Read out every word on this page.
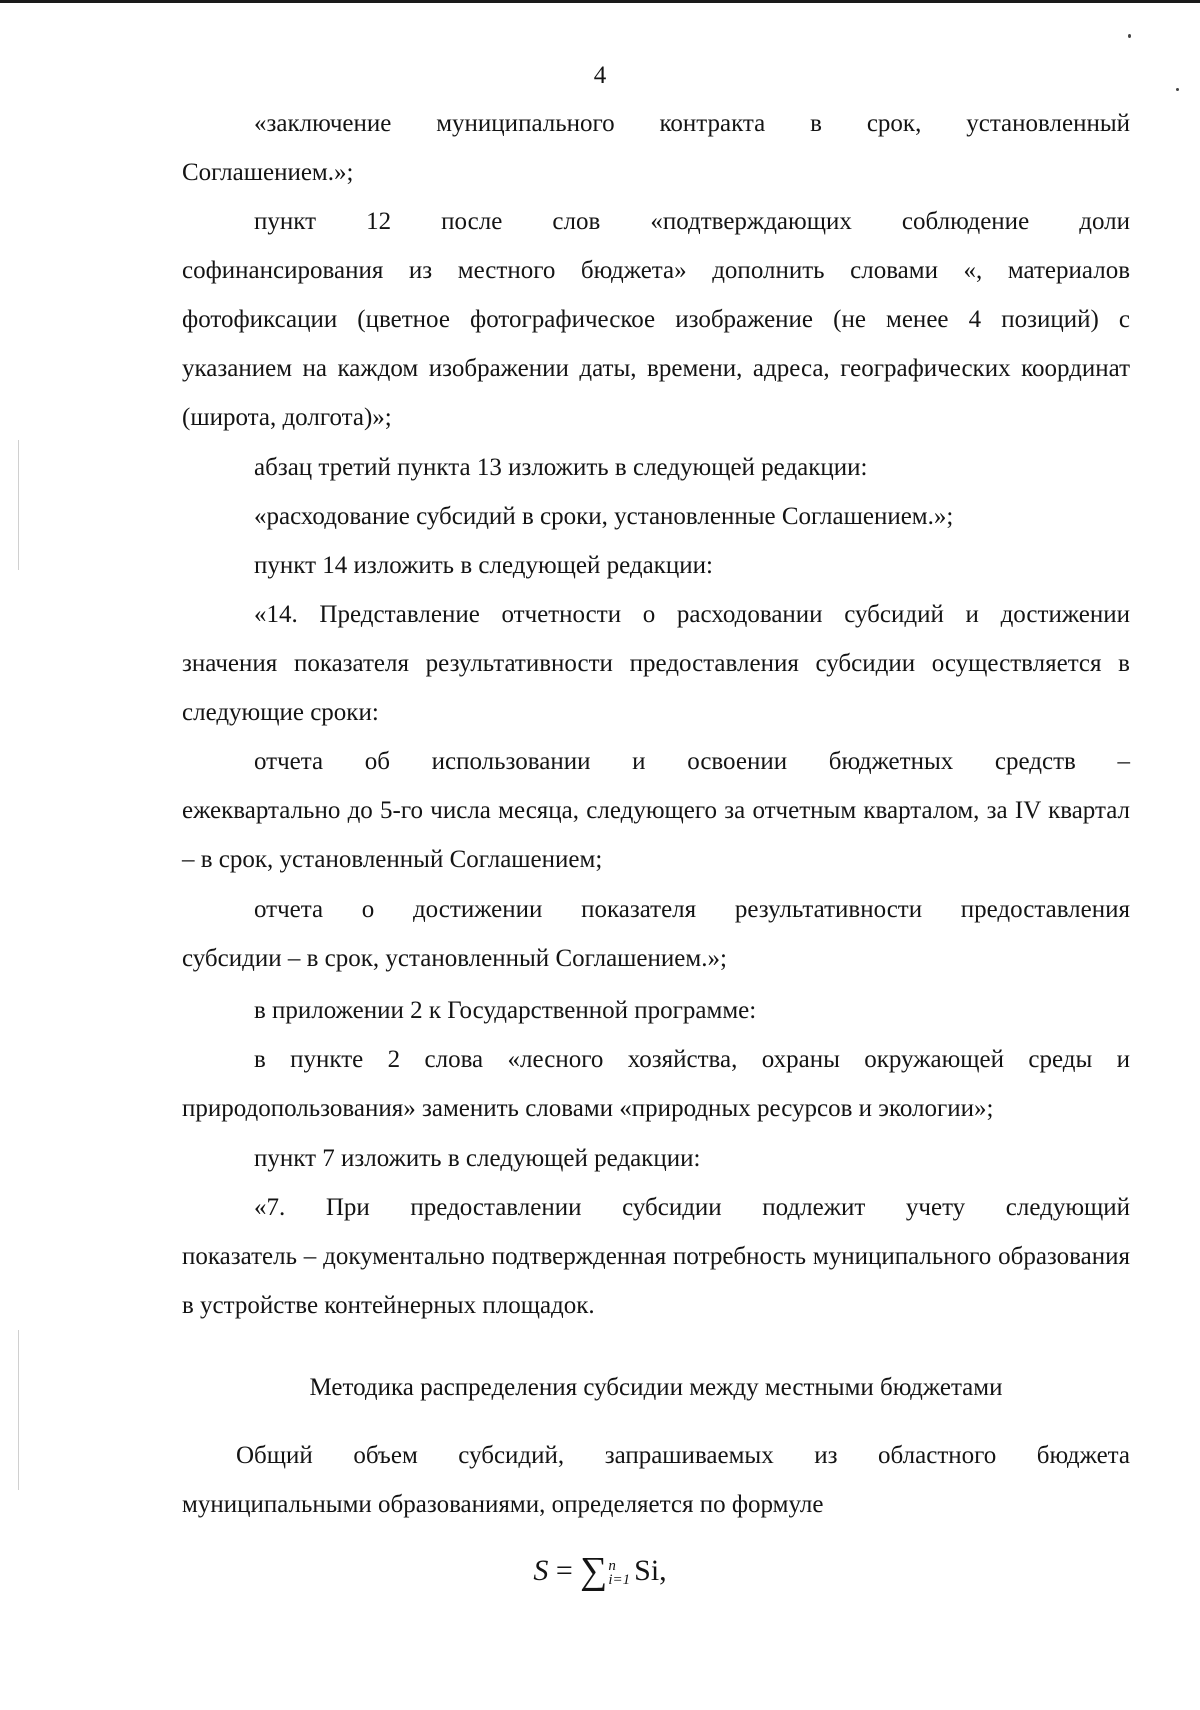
4
«заключение муниципального контракта в срок, установленный
Соглашением.»;
пункт 12 после слов «подтверждающих соблюдение доли
софинансирования из местного бюджета» дополнить словами «, материалов фотофиксации (цветное фотографическое изображение (не менее 4 позиций) с указанием на каждом изображении даты, времени, адреса, географических координат (широта, долгота)»;
абзац третий пункта 13 изложить в следующей редакции:
«расходование субсидий в сроки, установленные Соглашением.»;
пункт 14 изложить в следующей редакции:
«14. Представление отчетности о расходовании субсидий и достижении
значения показателя результативности предоставления субсидии осуществляется в следующие сроки:
отчета об использовании и освоении бюджетных средств –
ежеквартально до 5-го числа месяца, следующего за отчетным кварталом, за IV квартал – в срок, установленный Соглашением;
отчета о достижении показателя результативности предоставления
субсидии – в срок, установленный Соглашением.»;
в приложении 2 к Государственной программе:
в пункте 2 слова «лесного хозяйства, охраны окружающей среды и
природопользования» заменить словами «природных ресурсов и экологии»;
пункт 7 изложить в следующей редакции:
«7. При предоставлении субсидии подлежит учету следующий
показатель – документально подтвержденная потребность муниципального образования в устройстве контейнерных площадок.
Методика распределения субсидии между местными бюджетами
Общий объем субсидий, запрашиваемых из областного бюджета
муниципальными образованиями, определяется по формуле
S = ∑ n
i=1 Si,
